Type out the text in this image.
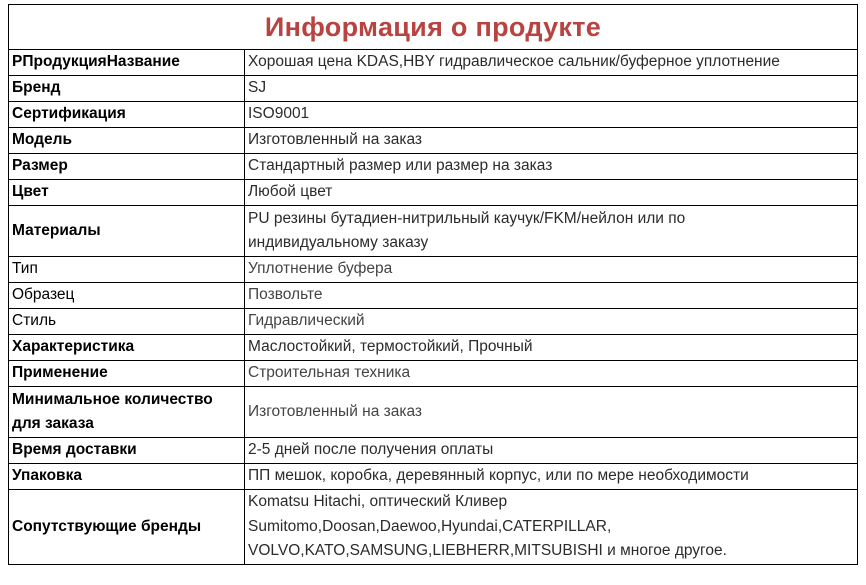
Информация о продукте	
РПродукцияНазвание	Хорошая цена KDAS,HBY гидравлическое сальник/буферное уплотнение
Бренд	SJ
Сертификация	ISO9001
Модель	Изготовленный на заказ
Размер	Стандартный размер или размер на заказ
Цвет	Любой цвет
Материалы	PU резины бутадиен-нитрильный каучук/FKM/нейлон или по
индивидуальному заказу

Тип	Уплотнение буфера
Образец	Позвольте
Стиль	Гидравлический
Характеристика	Маслостойкий, термостойкий, Прочный
Применение	Строительная техника

Минимальное количество
для заказа	Изготовленный на заказ
Время доставки	2-5 дней после получения оплаты
Упаковка	ПП мешок, коробка, деревянный корпус, или по мере необходимости
Сопутствующие бренды	Komatsu Hitachi, оптический Кливер
Sumitomo,Doosan,Daewoo,Hyundai,CATERPILLAR,
VOLVO,KATO,SAMSUNG,LIEBHERR,MITSUBISHI и многое другое.
